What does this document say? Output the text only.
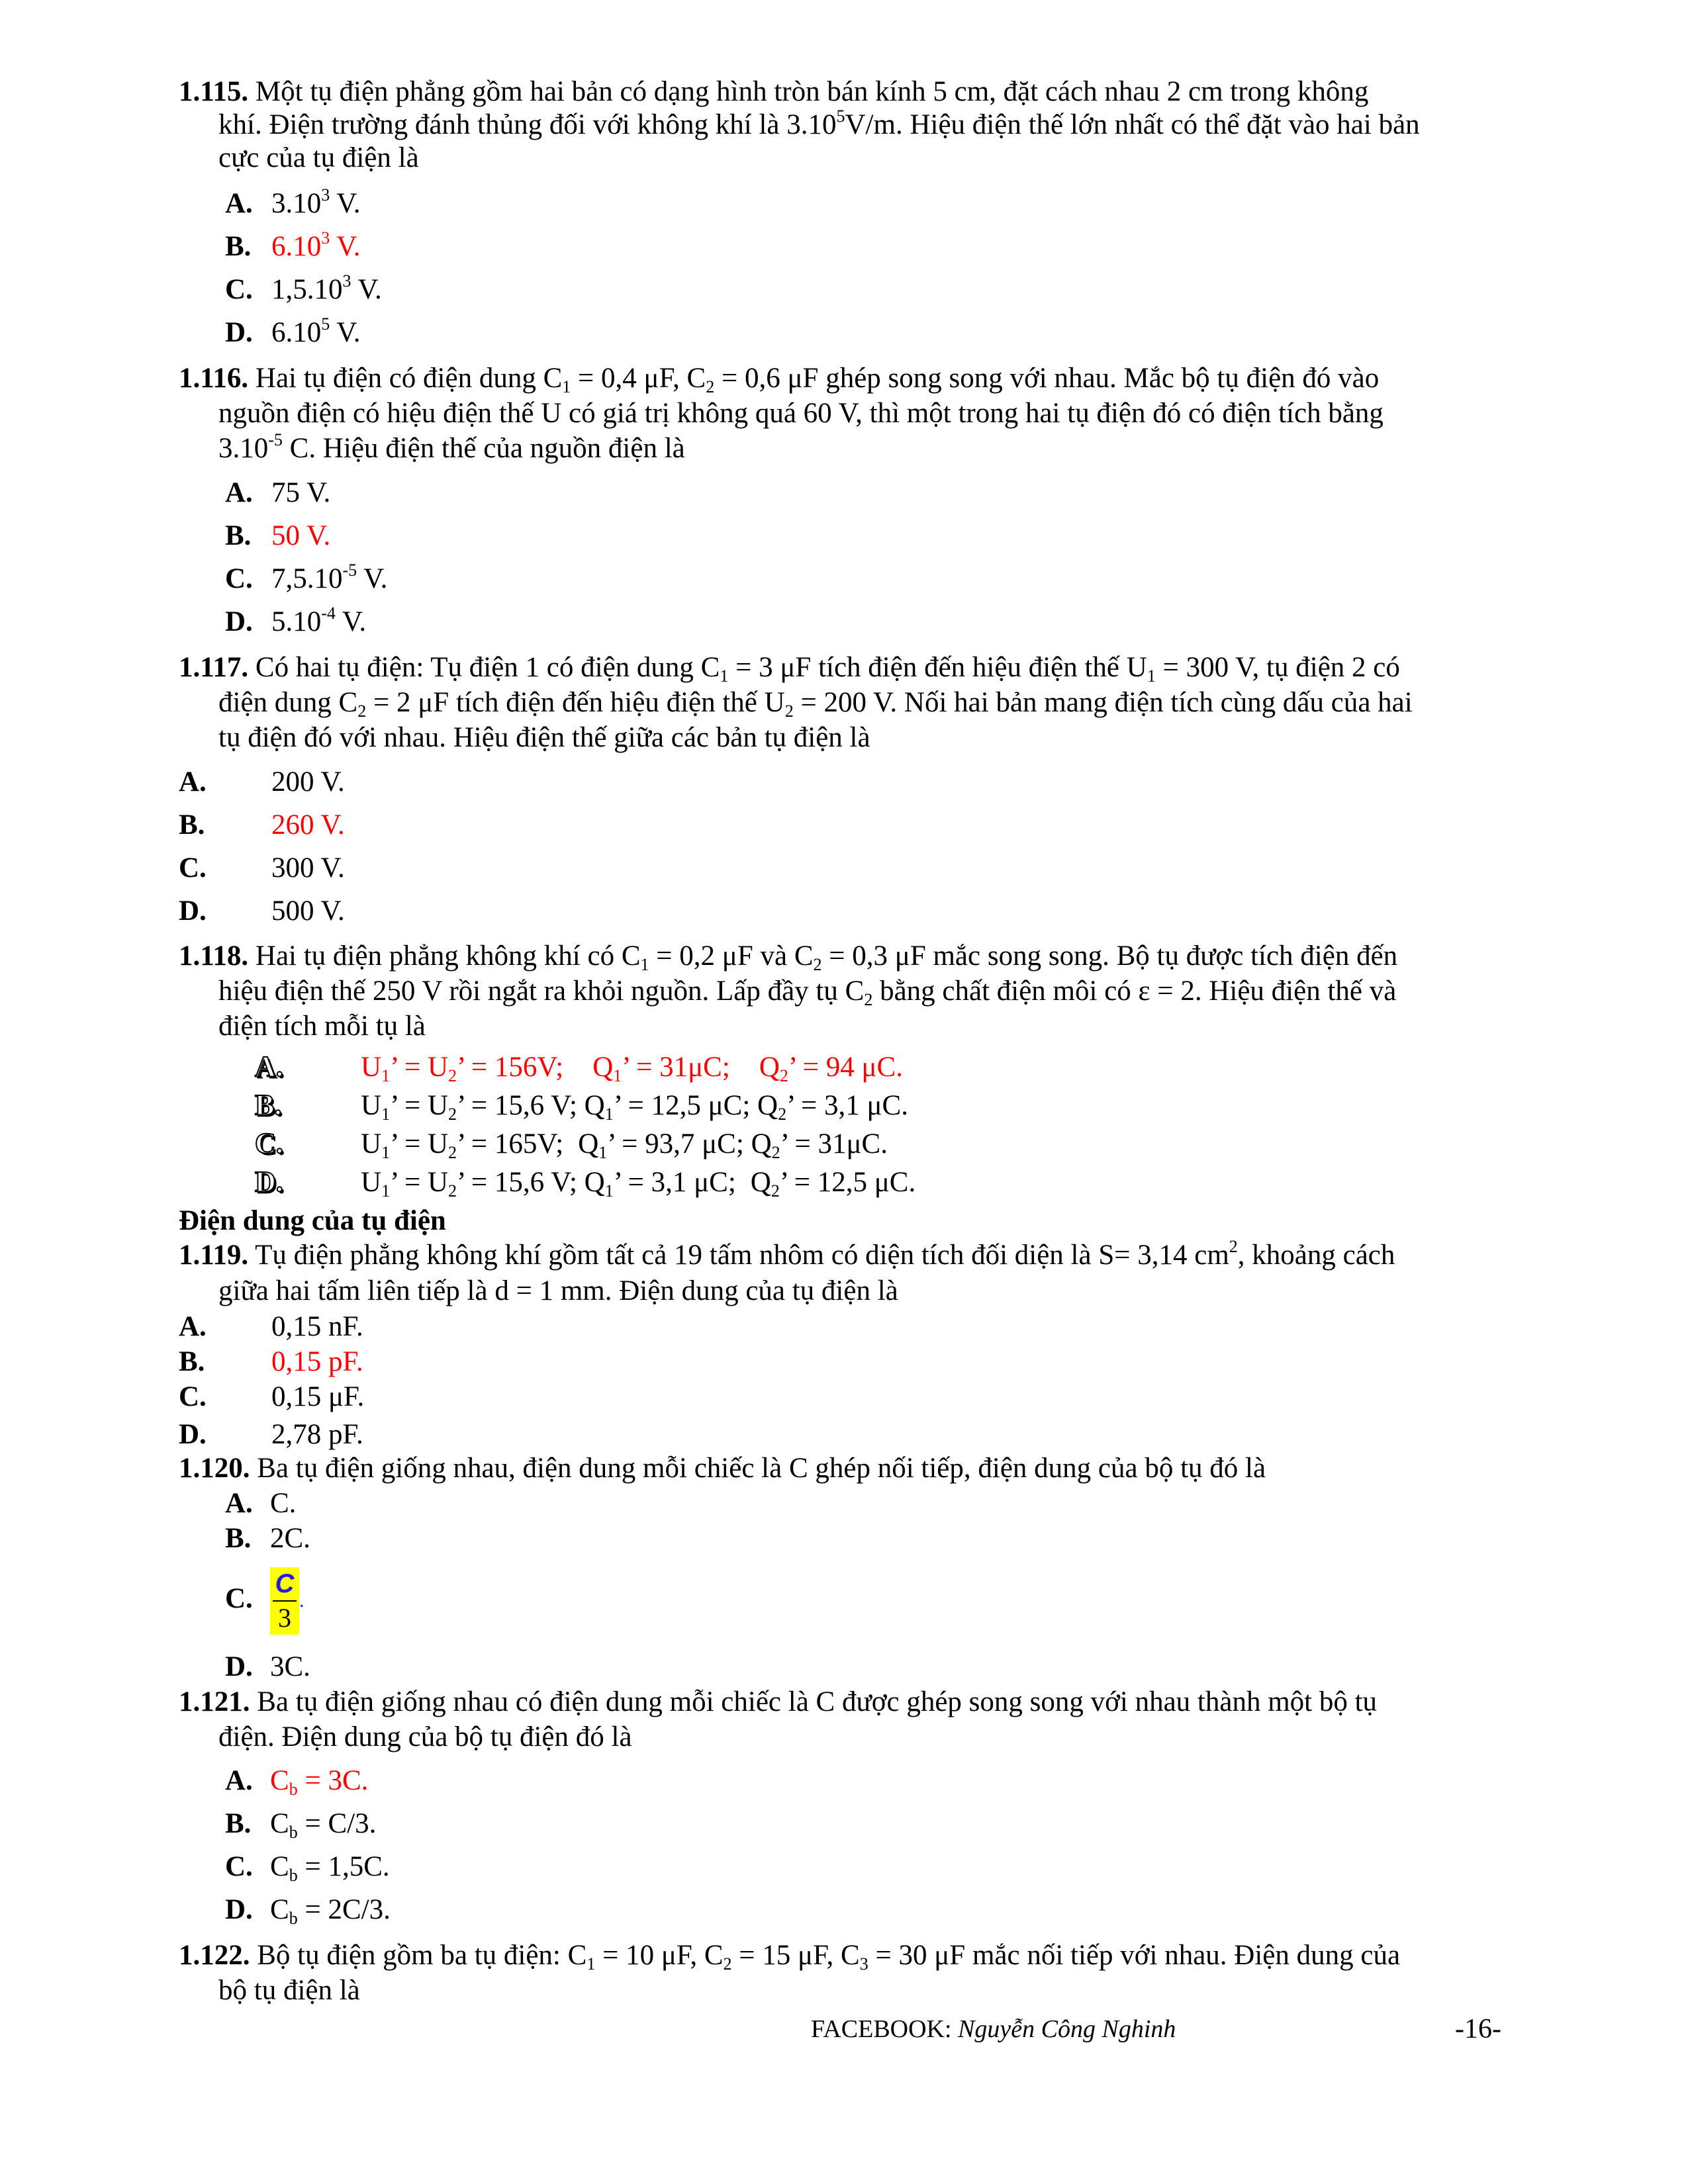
1.115. Một tụ điện phẳng gồm hai bản có dạng hình tròn bán kính 5 cm, đặt cách nhau 2 cm trong không
khí. Điện trường đánh thủng đối với không khí là 3.10$^5$V/m. Hiệu điện thế lớn nhất có thể đặt vào hai bản
cực của tụ điện là
A. 3.10$^3$ V.
B. 6.10$^3$ V.
C. 1,5.10$^3$ V.
D. 6.10$^5$ V.
1.116. Hai tụ điện có điện dung $C_1 = 0,4$ μF, $C_2 = 0,6$ μF ghép song song với nhau. Mắc bộ tụ điện đó vào
nguồn điện có hiệu điện thế U có giá trị không quá 60 V, thì một trong hai tụ điện đó có điện tích bằng
$3.10^{-5}$ C. Hiệu điện thế của nguồn điện là
A. 75 V.
B. 50 V.
C. $7,5.10^{-5}$ V.
D. $5.10^{-4}$ V.
1.117. Có hai tụ điện: Tụ điện 1 có điện dung $C_1 = 3$ μF tích điện đến hiệu điện thế $U_1 = 300$ V, tụ điện 2 có
điện dung $C_2 = 2$ μF tích điện đến hiệu điện thế $U_2 = 200$ V. Nối hai bản mang điện tích cùng dấu của hai
tụ điện đó với nhau. Hiệu điện thế giữa các bản tụ điện là
A. 200 V.
B. 260 V.
C. 300 V.
D. 500 V.
1.118. Hai tụ điện phẳng không khí có $C_1 = 0,2$ μF và $C_2 = 0,3$ μF mắc song song. Bộ tụ được tích điện đến
hiệu điện thế 250 V rồi ngắt ra khỏi nguồn. Lấp đầy tụ $C_2$ bằng chất điện môi có ε = 2. Hiệu điện thế và
điện tích mỗi tụ là
A.	$U_1$’ = $U_2$’ = 156V; $Q_1$’ = 31μC; $Q_2$’ = 94 μC.
B.	$U_1$’ = $U_2$’ = 15,6 V; $Q_1$’ = 12,5 μC; $Q_2$’ = 3,1 μC.
C.	$U_1$’ = $U_2$’ = 165V; $Q_1$’ = 93,7 μC; $Q_2$’ = 31μC.
D.	$U_1$’ = $U_2$’ = 15,6 V; $Q_1$’ = 3,1 μC; $Q_2$’ = 12,5 μC.
Điện dung của tụ điện
1.119. Tụ điện phẳng không khí gồm tất cả 19 tấm nhôm có diện tích đối diện là S= 3,14 $cm^2$, khoảng cách
giữa hai tấm liên tiếp là d = 1 mm. Điện dung của tụ điện là
A. 0,15 nF.
B. 0,15 pF.
C. 0,15 μF.
D. 2,78 pF.
1.120. Ba tụ điện giống nhau, điện dung mỗi chiếc là C ghép nối tiếp, điện dung của bộ tụ đó là
A. C.
B. 2C.
C. $\frac{C}{3}$ .
D. 3C.
1.121. Ba tụ điện giống nhau có điện dung mỗi chiếc là C được ghép song song với nhau thành một bộ tụ
điện. Điện dung của bộ tụ điện đó là
A. $C_b = 3C$.
B. $C_b = C/3$.
C. $C_b = 1,5C$.
D. $C_b = 2C/3$.
1.122. Bộ tụ điện gồm ba tụ điện: $C_1 = 10$ μF, $C_2 = 15$ μF, $C_3 = 30$ μF mắc nối tiếp với nhau. Điện dung của
bộ tụ điện là
FACEBOOK: Nguyễn Công Nghinh	-16-
